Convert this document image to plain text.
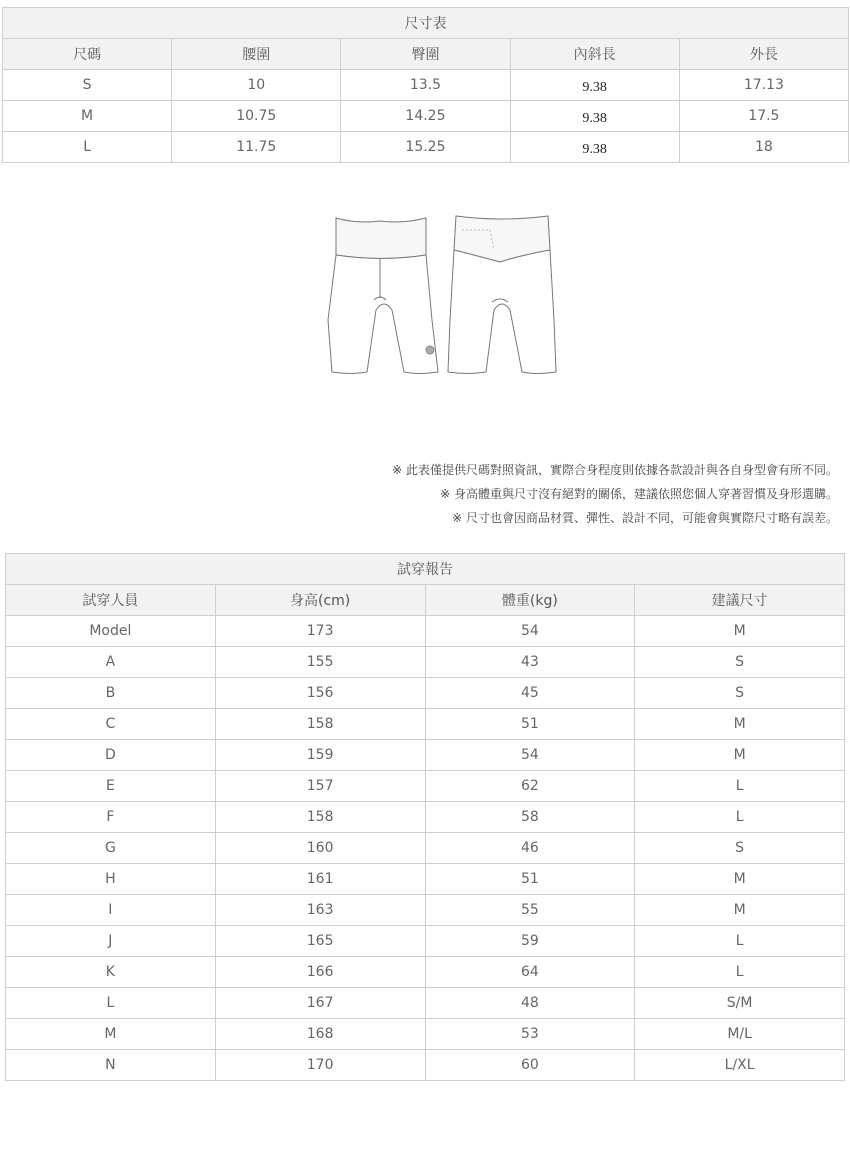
尺寸表				
尺碼	腰圍	臀圍	內斜長	外長
S	10	13.5	9.38	17.13
M	10.75	14.25	9.38	17.5
L	11.75	15.25	9.38	18
※ 此表僅提供尺碼對照資訊，實際合身程度則依據各款設計與各自身型會有所不同。
※ 身高體重與尺寸沒有絕對的關係，建議依照您個人穿著習慣及身形選購。
※ 尺寸也會因商品材質、彈性、設計不同，可能會與實際尺寸略有誤差。
試穿報告			
試穿人員	身高(cm)	體重(kg)	建議尺寸
Model	173	54	M
A	155	43	S
B	156	45	S
C	158	51	M
D	159	54	M
E	157	62	L
F	158	58	L
G	160	46	S
H	161	51	M
I	163	55	M
J	165	59	L
K	166	64	L
L	167	48	S/M
M	168	53	M/L
N	170	60	L/XL
